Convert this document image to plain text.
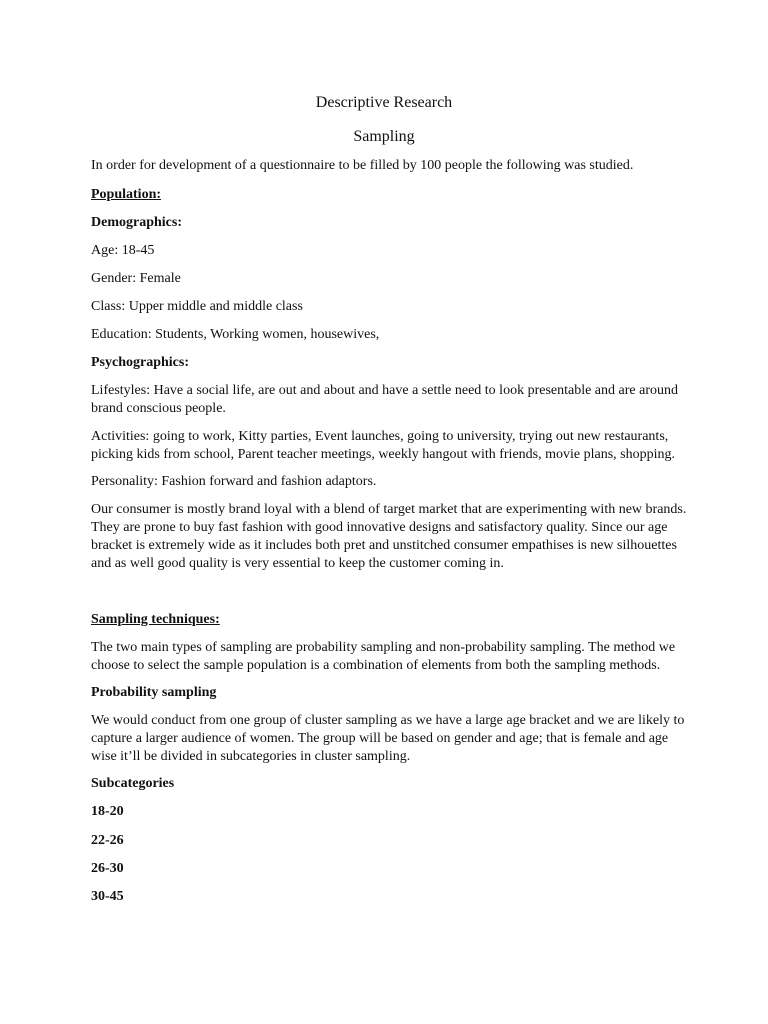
Descriptive Research

Sampling

In order for development of a questionnaire to be filled by 100 people the following was studied.

Population:

Demographics:

Age: 18-45

Gender: Female

Class: Upper middle and middle class

Education: Students, Working women, housewives,

Psychographics:

Lifestyles: Have a social life, are out and about and have a settle need to look presentable and are around
brand conscious people.
Activities: going to work, Kitty parties, Event launches, going to university, trying out new restaurants,
picking kids from school, Parent teacher meetings, weekly hangout with friends, movie plans, shopping.

Personality: Fashion forward and fashion adaptors.

Our consumer is mostly brand loyal with a blend of target market that are experimenting with new brands.
They are prone to buy fast fashion with good innovative designs and satisfactory quality. Since our age
bracket is extremely wide as it includes both pret and unstitched consumer empathises is new silhouettes
and as well good quality is very essential to keep the customer coming in.

Sampling techniques:

The two main types of sampling are probability sampling and non-probability sampling. The method we
choose to select the sample population is a combination of elements from both the sampling methods.

Probability sampling

We would conduct from one group of cluster sampling as we have a large age bracket and we are likely to
capture a larger audience of women. The group will be based on gender and age; that is female and age
wise it’ll be divided in subcategories in cluster sampling.

Subcategories

18-20

22-26

26-30

30-45
